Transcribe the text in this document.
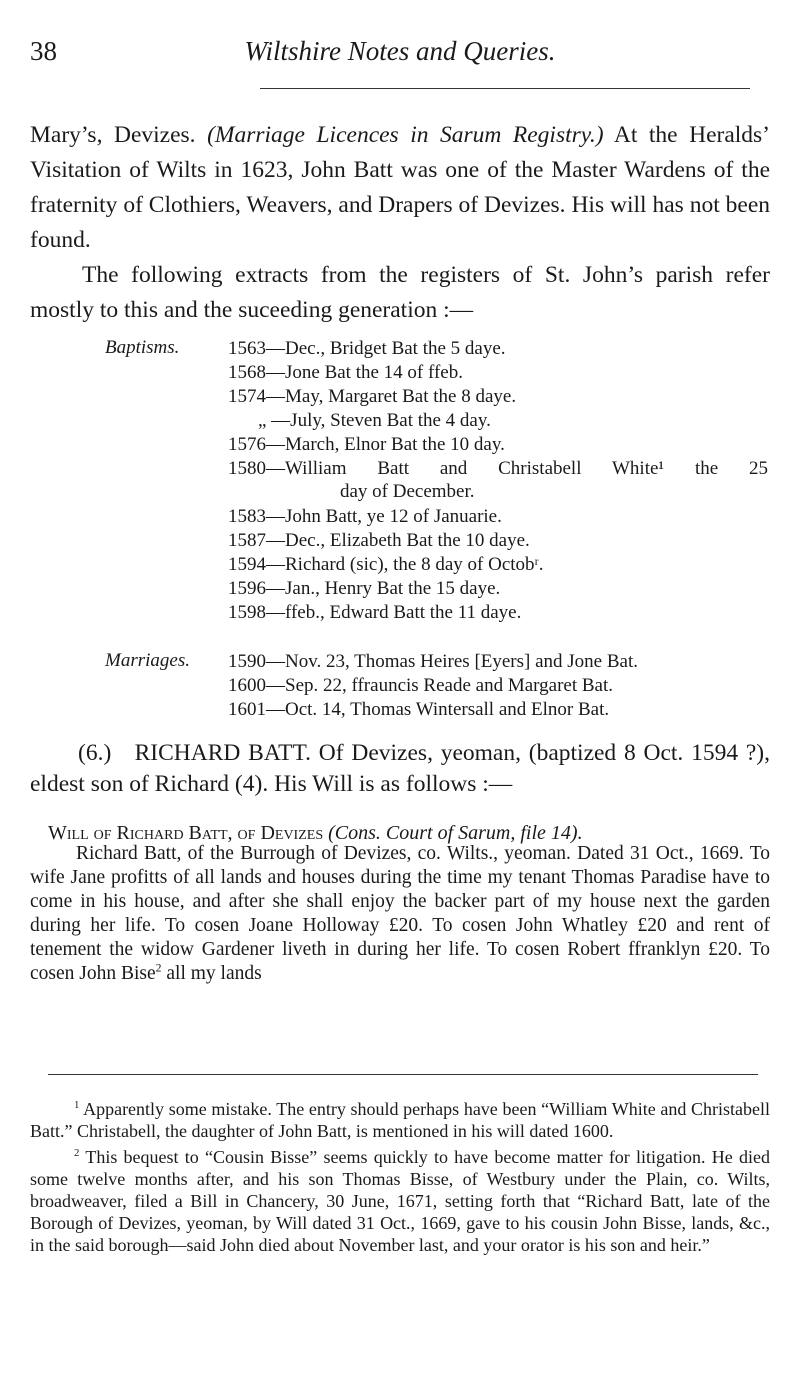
38	Wiltshire Notes and Queries.

Mary’s, Devizes. (Marriage Licences in Sarum Registry.) At the Heralds’ Visitation of Wilts in 1623, John Batt was one of the Master Wardens of the fraternity of Clothiers, Weavers, and Drapers of Devizes. His will has not been found.

The following extracts from the registers of St. John’s parish refer mostly to this and the suceeding generation :—

Baptisms.	1563—Dec., Bridget Bat the 5 daye.
1568—Jone Bat the 14 of ffeb.
1574—May, Margaret Bat the 8 daye.
„ —July, Steven Bat the 4 day.
1576—March, Elnor Bat the 10 day.
1580—William Batt and Christabell White¹ the 25
day of December.
1583—John Batt, ye 12 of Januarie.
1587—Dec., Elizabeth Bat the 10 daye.
1594—Richard (sic), the 8 day of Octobʳ.
1596—Jan., Henry Bat the 15 daye.
1598—ffeb., Edward Batt the 11 daye.
Marriages. 1590—Nov. 23, Thomas Heires [Eyers] and Jone Bat.
1600—Sep. 22, ffrauncis Reade and Margaret Bat.
1601—Oct. 14, Thomas Wintersall and Elnor Bat.

(6.) RICHARD BATT. Of Devizes, yeoman, (baptized 8 Oct. 1594 ?), eldest son of Richard (4). His Will is as follows :—

Will of Richard Batt, of Devizes (Cons. Court of Sarum, file 14).
Richard Batt, of the Burrough of Devizes, co. Wilts., yeoman. Dated 31 Oct., 1669. To wife Jane profitts of all lands and houses during the time my tenant Thomas Paradise have to come in his house, and after she shall enjoy the backer part of my house next the garden during her life. To cosen Joane Holloway £20. To cosen John Whatley £20 and rent of tenement the widow Gardener liveth in during her life. To cosen Robert ffranklyn £20. To cosen John Bise$^2$ all my lands

$^1$ Apparently some mistake. The entry should perhaps have been “William White and Christabell Batt.” Christabell, the daughter of John Batt, is mentioned in his will dated 1600.

$^2$ This bequest to “Cousin Bisse” seems quickly to have become matter for litigation. He died some twelve months after, and his son Thomas Bisse, of Westbury under the Plain, co. Wilts, broadweaver, filed a Bill in Chancery, 30 June, 1671, setting forth that “Richard Batt, late of the Borough of Devizes, yeoman, by Will dated 31 Oct., 1669, gave to his cousin John Bisse, lands, &c., in the said borough—said John died about November last, and your orator is his son and heir.”
